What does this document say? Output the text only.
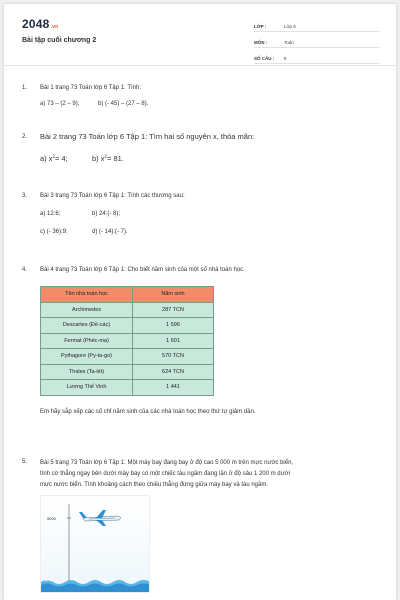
2048.vn
Bài tập cuối chương 2
LỚP :	Lớp 6
MÔN :	Toán
SỐ CÂU :	8
1.	Bài 1 trang 73 Toán lớp 6 Tập 1: Tính:
a) 73 – (2 – 9);	b) (- 45) – (27 – 8).
2.	Bài 2 trang 73 Toán lớp 6 Tập 1: Tìm hai số nguyên x, thỏa mãn:
a) $x^2= 4$;	b) $x^2= 81$.
3.	Bài 3 trang 73 Toán lớp 6 Tập 1: Tính các thương sau:
a) 12:6;	b) 24:(- 8);
c) (- 36):9;	d) (- 14):(- 7).
4.	Bài 4 trang 73 Toán lớp 6 Tập 1: Cho biết năm sinh của một số nhà toán học.
Tên nhà toán học	Năm sinh
Archimedes	287 TCN
Descartes (Đề-các)	1 596
Fermat (Phéc-ma)	1 601
Pythagore (Py-ta-go)	570 TCN
Thales (Ta-lét)	624 TCN
Lương Thế Vinh	1 441
Em hãy sắp xếp các số chỉ năm sinh của các nhà toán học theo thứ tự giảm dần.
5.	Bài 5 trang 73 Toán lớp 6 Tập 1: Một máy bay đang bay ở độ cao 5 000 m trên mực nước biển,
tình cờ thẳng ngay bên dưới máy bay có một chiếc tàu ngầm đang lặn ở độ sâu 1 200 m dưới
mực nước biển. Tính khoảng cách theo chiều thẳng đứng giữa máy bay và tàu ngầm.
5000
